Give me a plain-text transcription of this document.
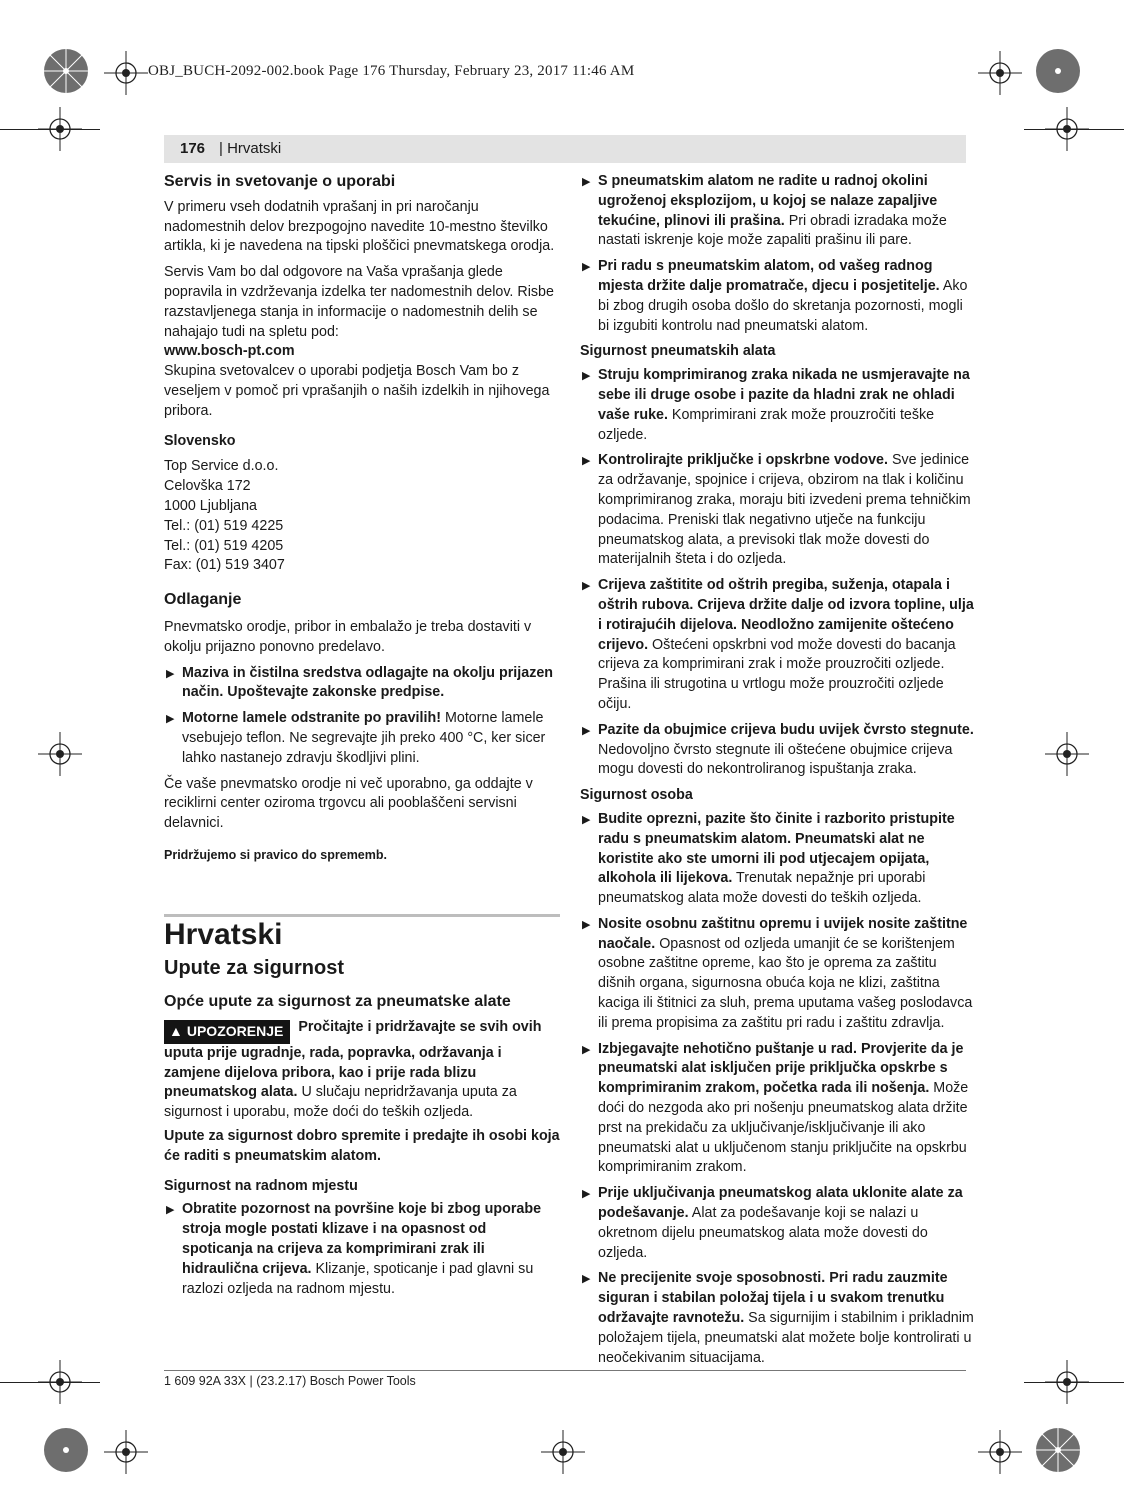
OBJ_BUCH-2092-002.book Page 176 Thursday, February 23, 2017 11:46 AM
176 | Hrvatski
Servis in svetovanje o uporabi

V primeru vseh dodatnih vprašanj in pri naročanju nadomestnih delov brezpogojno navedite 10-mestno številko artikla, ki je navedena na tipski ploščici pnevmatskega orodja.

Servis Vam bo dal odgovore na Vaša vprašanja glede popravila in vzdrževanja izdelka ter nadomestnih delov. Risbe razstavljenega stanja in informacije o nadomestnih delih se nahajajo tudi na spletu pod:

www.bosch-pt.com

Skupina svetovalcev o uporabi podjetja Bosch Vam bo z veseljem v pomoč pri vprašanjih o naših izdelkih in njihovega pribora.

Slovensko
Top Service d.o.o.
Celovška 172
1000 Ljubljana
Tel.: (01) 519 4225
Tel.: (01) 519 4205
Fax: (01) 519 3407
Odlaganje

Pnevmatsko orodje, pribor in embalažo je treba dostaviti v okolju prijazno ponovno predelavo.

▶ Maziva in čistilna sredstva odlagajte na okolju prijazen način. Upoštevajte zakonske predpise.
▶ Motorne lamele odstranite po pravilih! Motorne lamele vsebujejo teflon. Ne segrevajte jih preko 400 °C, ker sicer lahko nastanejo zdravju škodljivi plini.

Če vaše pnevmatsko orodje ni več uporabno, ga oddajte v reciklirni center oziroma trgovcu ali pooblaščeni servisni delavnici.

Pridržujemo si pravico do sprememb.
Hrvatski
Upute za sigurnost
Opće upute za sigurnost za pneumatske alate
▲ UPOZORENJE Pročitajte i pridržavajte se svih ovih uputa prije ugradnje, rada, popravka, održavanja i zamjene dijelova pribora, kao i prije rada blizu pneumatskog alata. U slučaju nepridržavanja uputa za sigurnost i uporabu, može doći do teških ozljeda.

Upute za sigurnost dobro spremite i predajte ih osobi koja će raditi s pneumatskim alatom.

Sigurnost na radnom mjestu
▶ Obratite pozornost na površine koje bi zbog uporabe stroja mogle postati klizave i na opasnost od spoticanja na crijeva za komprimirani zrak ili hidraulična crijeva. Klizanje, spoticanje i pad glavni su razlozi ozljeda na radnom mjestu.
▶ S pneumatskim alatom ne radite u radnoj okolini ugroženoj eksplozijom, u kojoj se nalaze zapaljive tekućine, plinovi ili prašina. Pri obradi izradaka može nastati iskrenje koje može zapaliti prašinu ili pare.
▶ Pri radu s pneumatskim alatom, od vašeg radnog mjesta držite dalje promatrače, djecu i posjetitelje. Ako bi zbog drugih osoba došlo do skretanja pozornosti, mogli bi izgubiti kontrolu nad pneumatski alatom.
Sigurnost pneumatskih alata
▶ Struju komprimiranog zraka nikada ne usmjeravajte na sebe ili druge osobe i pazite da hladni zrak ne ohladi vaše ruke. Komprimirani zrak može prouzročiti teške ozljede.
▶ Kontrolirajte priključke i opskrbne vodove. Sve jedinice za održavanje, spojnice i crijeva, obzirom na tlak i količinu komprimiranog zraka, moraju biti izvedeni prema tehničkim podacima. Preniski tlak negativno utječe na funkciju pneumatskog alata, a previsoki tlak može dovesti do materijalnih šteta i do ozljeda.
▶ Crijeva zaštitite od oštrih pregiba, suženja, otapala i oštrih rubova. Crijeva držite dalje od izvora topline, ulja i rotirajućih dijelova. Neodložno zamijenite oštećeno crijevo. Oštećeni opskrbni vod može dovesti do bacanja crijeva za komprimirani zrak i može prouzročiti ozljede. Prašina ili strugotina u vrtlogu može prouzročiti ozljede očiju.
▶ Pazite da obujmice crijeva budu uvijek čvrsto stegnute. Nedovoljno čvrsto stegnute ili oštećene obujmice crijeva mogu dovesti do nekontroliranog ispuštanja zraka.
Sigurnost osoba
▶ Budite oprezni, pazite što činite i razborito pristupite radu s pneumatskim alatom. Pneumatski alat ne koristite ako ste umorni ili pod utjecajem opijata, alkohola ili lijekova. Trenutak nepažnje pri uporabi pneumatskog alata može dovesti do teških ozljeda.
▶ Nosite osobnu zaštitnu opremu i uvijek nosite zaštitne naočale. Opasnost od ozljeda umanjit će se korištenjem osobne zaštitne opreme, kao što je oprema za zaštitu dišnih organa, sigurnosna obuća koja ne klizi, zaštitna kaciga ili štitnici za sluh, prema uputama vašeg poslodavca ili prema propisima za zaštitu pri radu i zaštitu zdravlja.
▶ Izbjegavajte nehotično puštanje u rad. Provjerite da je pneumatski alat isključen prije priključka opskrbe s komprimiranim zrakom, početka rada ili nošenja. Može doći do nezgoda ako pri nošenju pneumatskog alata držite prst na prekidaču za uključivanje/isključivanje ili ako pneumatski alat u uključenom stanju priključite na opskrbu komprimiranim zrakom.
▶ Prije uključivanja pneumatskog alata uklonite alate za podešavanje. Alat za podešavanje koji se nalazi u okretnom dijelu pneumatskog alata može dovesti do ozljeda.
▶ Ne precijenite svoje sposobnosti. Pri radu zauzmite siguran i stabilan položaj tijela i u svakom trenutku održavajte ravnotežu. Sa sigurnijim i stabilnim i prikladnim položajem tijela, pneumatski alat možete bolje kontrolirati u neočekivanim situacijama.
1 609 92A 33X | (23.2.17) Bosch Power Tools
